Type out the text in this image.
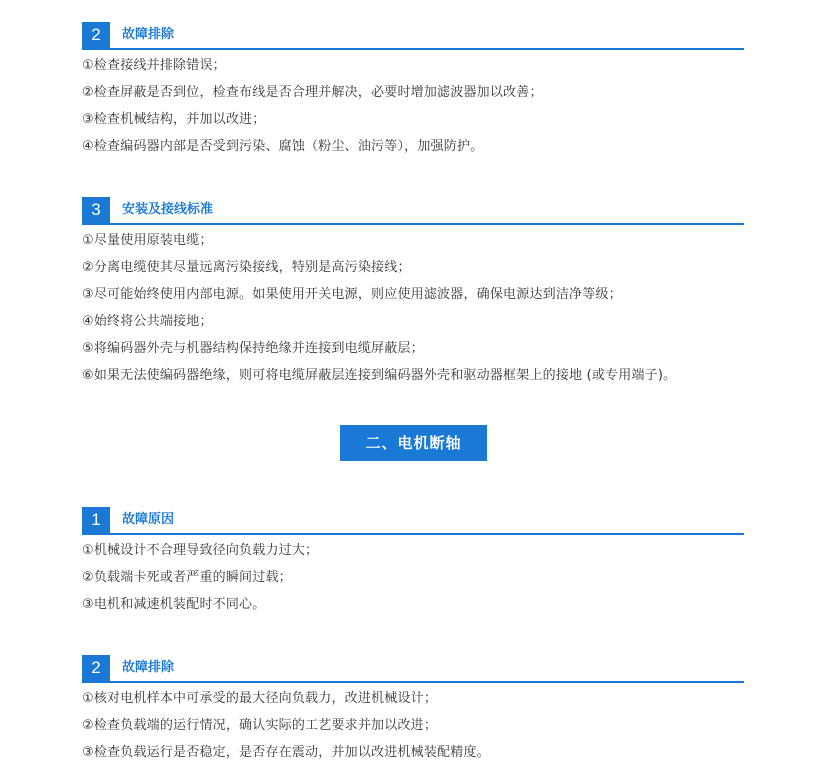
2	故障排除
①检查接线并排除错误；
②检查屏蔽是否到位，检查布线是否合理并解决，必要时增加滤波器加以改善；
③检查机械结构，并加以改进；
④检查编码器内部是否受到污染、腐蚀（粉尘、油污等），加强防护。
3	安装及接线标准
①尽量使用原装电缆；
②分离电缆使其尽量远离污染接线，特别是高污染接线；
③尽可能始终使用内部电源。如果使用开关电源，则应使用滤波器，确保电源达到洁净等级；
④始终将公共端接地；
⑤将编码器外壳与机器结构保持绝缘并连接到电缆屏蔽层；
⑥如果无法使编码器绝缘，则可将电缆屏蔽层连接到编码器外壳和驱动器框架上的接地 (或专用端子)。
二、电机断轴
1	故障原因
①机械设计不合理导致径向负载力过大；
②负载端卡死或者严重的瞬间过载；
③电机和减速机装配时不同心。
2	故障排除
①核对电机样本中可承受的最大径向负载力，改进机械设计；
②检查负载端的运行情况，确认实际的工艺要求并加以改进；
③检查负载运行是否稳定，是否存在震动，并加以改进机械装配精度。
